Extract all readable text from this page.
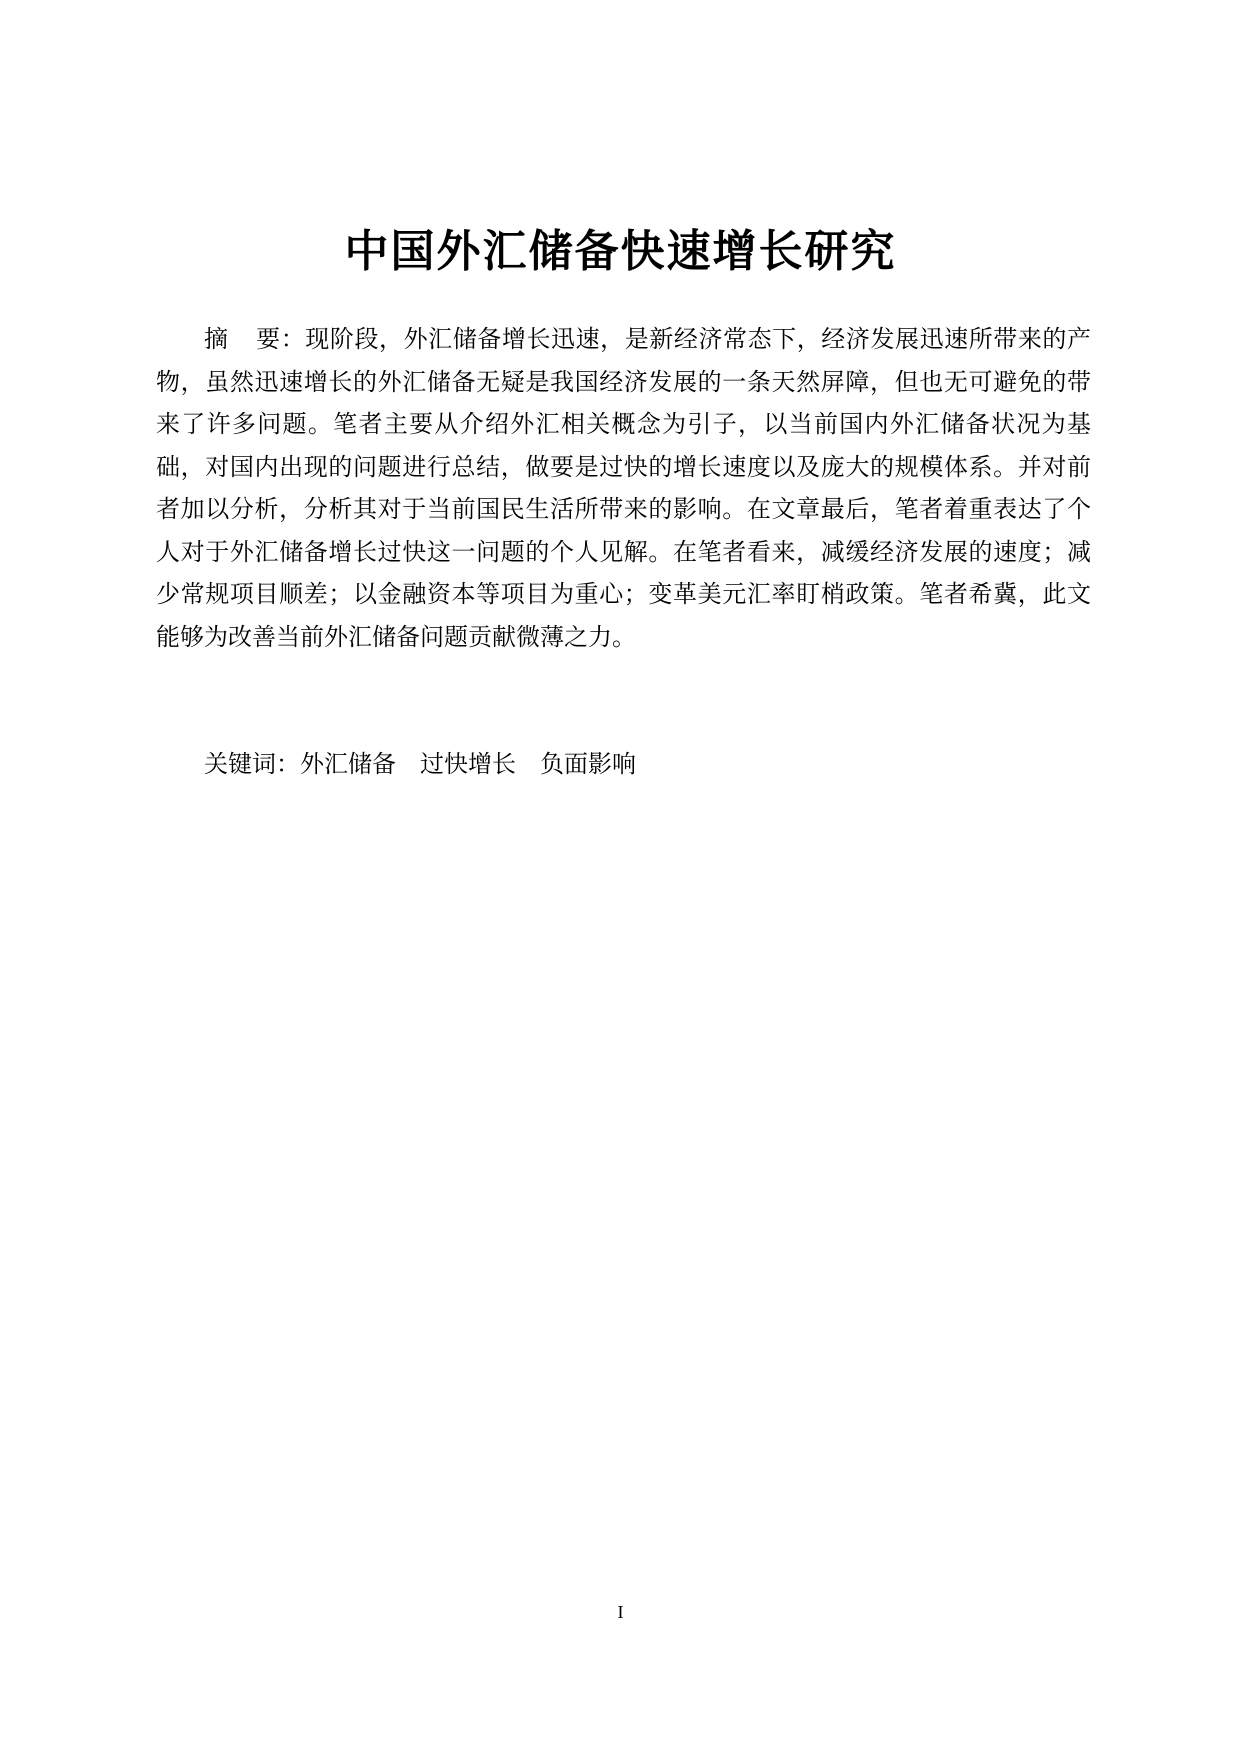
中国外汇储备快速增长研究

摘 要：现阶段，外汇储备增长迅速，是新经济常态下，经济发展迅速所带来的产物，虽然迅速增长的外汇储备无疑是我国经济发展的一条天然屏障，但也无可避免的带来了许多问题。笔者主要从介绍外汇相关概念为引子，以当前国内外汇储备状况为基础，对国内出现的问题进行总结，做要是过快的增长速度以及庞大的规模体系。并对前者加以分析，分析其对于当前国民生活所带来的影响。在文章最后，笔者着重表达了个人对于外汇储备增长过快这一问题的个人见解。在笔者看来，减缓经济发展的速度；减少常规项目顺差；以金融资本等项目为重心；变革美元汇率盯梢政策。笔者希冀，此文能够为改善当前外汇储备问题贡献微薄之力。

关键词：外汇储备 过快增长 负面影响

I
